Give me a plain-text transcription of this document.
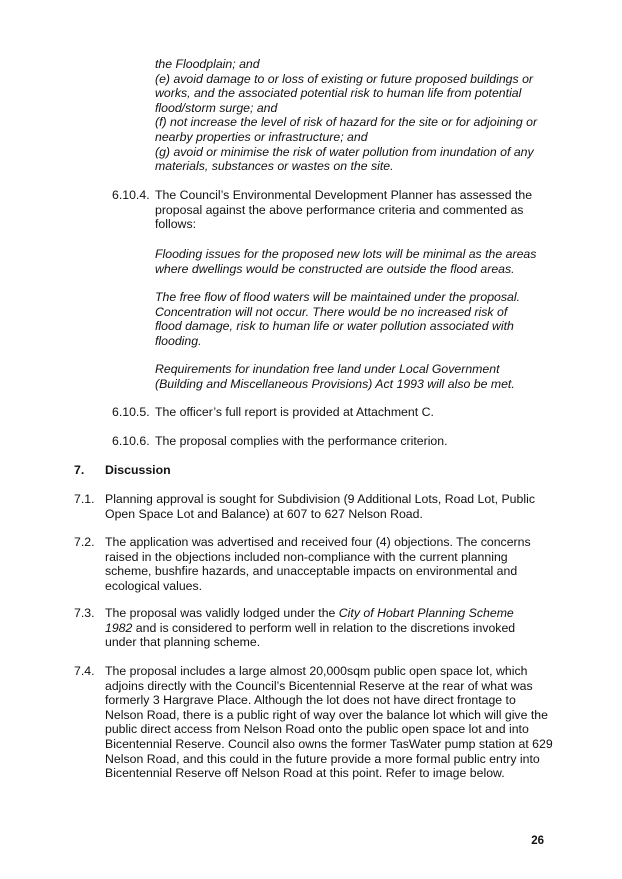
the Floodplain; and
(e) avoid damage to or loss of existing or future proposed buildings or works, and the associated potential risk to human life from potential flood/storm surge; and
(f) not increase the level of risk of hazard for the site or for adjoining or nearby properties or infrastructure; and
(g) avoid or minimise the risk of water pollution from inundation of any materials, substances or wastes on the site.
6.10.4. The Council’s Environmental Development Planner has assessed the proposal against the above performance criteria and commented as follows:
Flooding issues for the proposed new lots will be minimal as the areas where dwellings would be constructed are outside the flood areas.
The free flow of flood waters will be maintained under the proposal. Concentration will not occur. There would be no increased risk of flood damage, risk to human life or water pollution associated with flooding.
Requirements for inundation free land under Local Government (Building and Miscellaneous Provisions) Act 1993 will also be met.
6.10.5. The officer’s full report is provided at Attachment C.
6.10.6. The proposal complies with the performance criterion.
7. Discussion
7.1. Planning approval is sought for Subdivision (9 Additional Lots, Road Lot, Public Open Space Lot and Balance) at 607 to 627 Nelson Road.
7.2. The application was advertised and received four (4) objections. The concerns raised in the objections included non-compliance with the current planning scheme, bushfire hazards, and unacceptable impacts on environmental and ecological values.
7.3. The proposal was validly lodged under the City of Hobart Planning Scheme 1982 and is considered to perform well in relation to the discretions invoked under that planning scheme.
7.4. The proposal includes a large almost 20,000sqm public open space lot, which adjoins directly with the Council’s Bicentennial Reserve at the rear of what was formerly 3 Hargrave Place. Although the lot does not have direct frontage to Nelson Road, there is a public right of way over the balance lot which will give the public direct access from Nelson Road onto the public open space lot and into Bicentennial Reserve. Council also owns the former TasWater pump station at 629 Nelson Road, and this could in the future provide a more formal public entry into Bicentennial Reserve off Nelson Road at this point. Refer to image below.
26
